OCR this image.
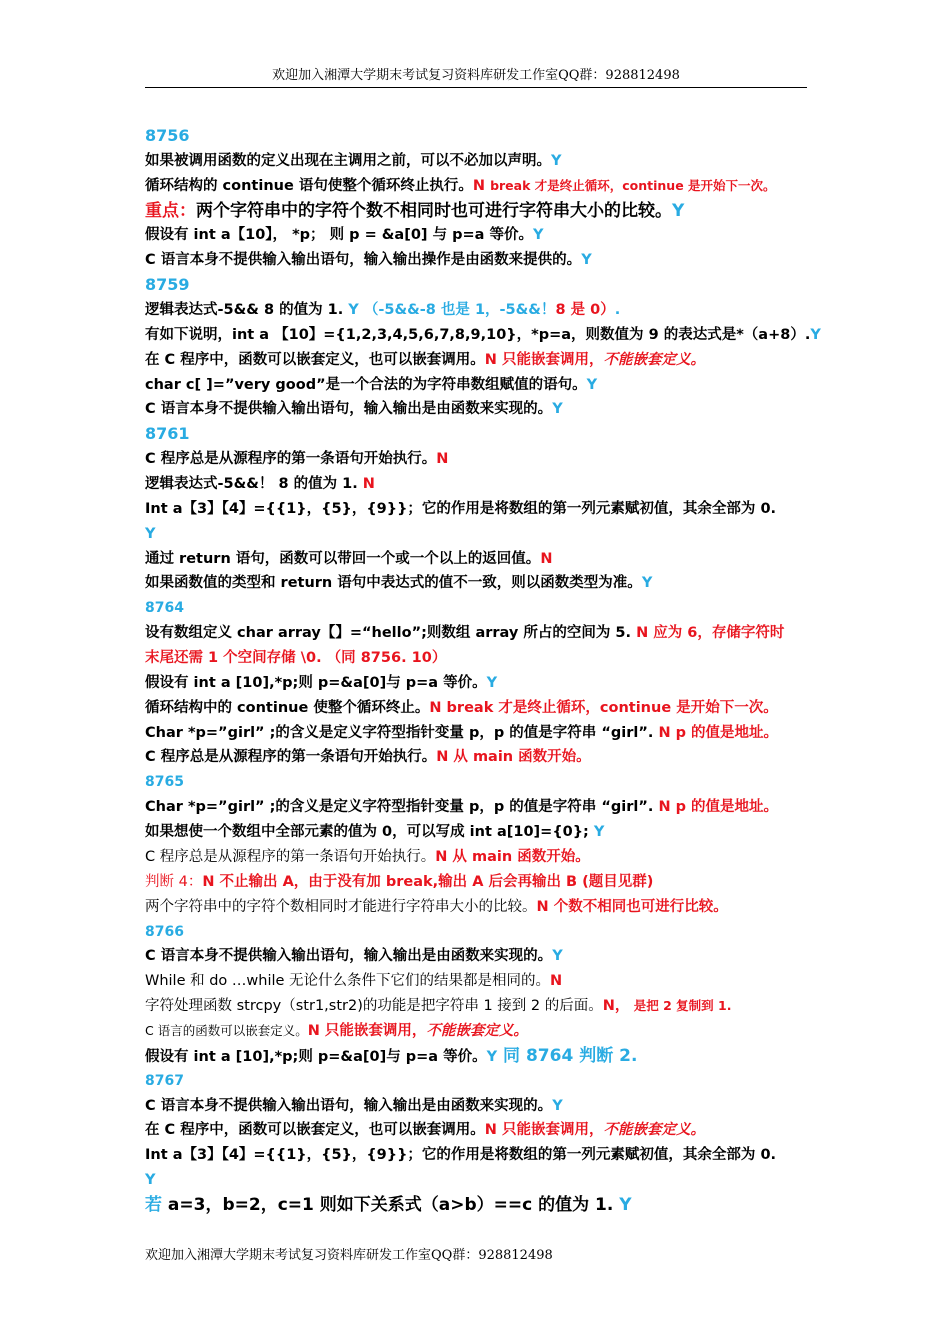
欢迎加入湘潭大学期末考试复习资料库研发工作室QQ群：928812498
8756
如果被调用函数的定义出现在主调用之前，可以不必加以声明。Y
循环结构的 continue 语句使整个循环终止执行。N break 才是终止循环，continue 是开始下一次。
重点：两个字符串中的字符个数不相同时也可进行字符串大小的比较。Y
假设有 int a【10】， *p； 则 p = &a[0] 与 p=a 等价。Y
C 语言本身不提供输入输出语句，输入输出操作是由函数来提供的。Y
8759
逻辑表达式-5&& 8 的值为 1. Y （-5&&-8 也是 1，-5&&！8 是 0）.
有如下说明，int a 【10】={1,2,3,4,5,6,7,8,9,10}，*p=a，则数值为 9 的表达式是*（a+8）.Y
在 C 程序中，函数可以嵌套定义，也可以嵌套调用。N 只能嵌套调用，不能嵌套定义。
char c[ ]=”very good”是一个合法的为字符串数组赋值的语句。Y
C 语言本身不提供输入输出语句，输入输出是由函数来实现的。Y
8761
C 程序总是从源程序的第一条语句开始执行。N
逻辑表达式-5&&！ 8 的值为 1. N
Int a【3】【4】={{1}，{5}，{9}}；它的作用是将数组的第一列元素赋初值，其余全部为 0.
Y
通过 return 语句，函数可以带回一个或一个以上的返回值。N
如果函数值的类型和 return 语句中表达式的值不一致，则以函数类型为准。Y
8764
设有数组定义 char array【】=“hello”;则数组 array 所占的空间为 5. N 应为 6，存储字符时
末尾还需 1 个空间存储 \0. （同 8756. 10）
假设有 int a [10],*p;则 p=&a[0]与 p=a 等价。Y
循环结构中的 continue 使整个循环终止。N break 才是终止循环，continue 是开始下一次。
Char *p=”girl” ;的含义是定义字符型指针变量 p，p 的值是字符串 “girl”. N p 的值是地址。
C 程序总是从源程序的第一条语句开始执行。N 从 main 函数开始。
8765
Char *p=”girl” ;的含义是定义字符型指针变量 p，p 的值是字符串 “girl”. N p 的值是地址。
如果想使一个数组中全部元素的值为 0，可以写成 int a[10]={0}; Y
C 程序总是从源程序的第一条语句开始执行。N 从 main 函数开始。
判断 4：N 不止输出 A，由于没有加 break,输出 A 后会再输出 B (题目见群)
两个字符串中的字符个数相同时才能进行字符串大小的比较。N 个数不相同也可进行比较。
8766
C 语言本身不提供输入输出语句，输入输出是由函数来实现的。Y
While 和 do …while 无论什么条件下它们的结果都是相同的。N
字符处理函数 strcpy（str1,str2)的功能是把字符串 1 接到 2 的后面。N， 是把 2 复制到 1.
C 语言的函数可以嵌套定义。N 只能嵌套调用，不能嵌套定义。
假设有 int a [10],*p;则 p=&a[0]与 p=a 等价。Y 同 8764 判断 2.
8767
C 语言本身不提供输入输出语句，输入输出是由函数来实现的。Y
在 C 程序中，函数可以嵌套定义，也可以嵌套调用。N 只能嵌套调用，不能嵌套定义。
Int a【3】【4】={{1}，{5}，{9}}；它的作用是将数组的第一列元素赋初值，其余全部为 0.
Y
若 a=3，b=2，c=1 则如下关系式（a>b）==c 的值为 1. Y
欢迎加入湘潭大学期末考试复习资料库研发工作室QQ群：928812498
